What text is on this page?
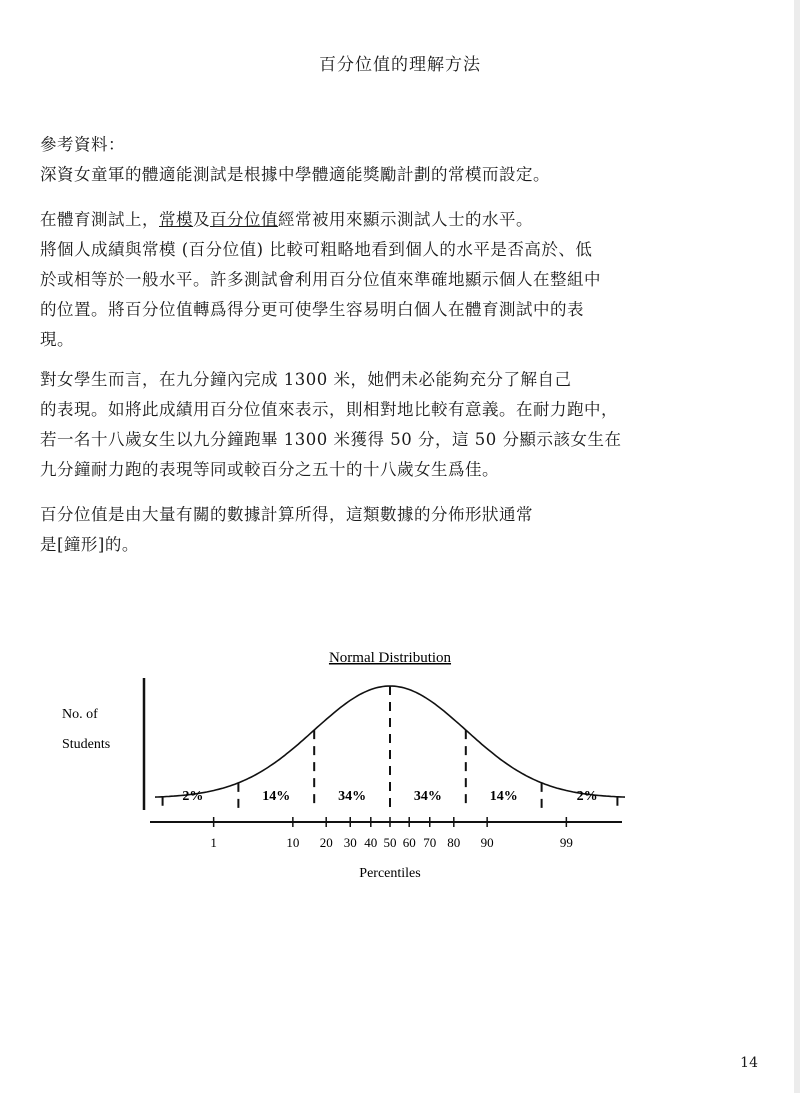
百分位值的理解方法

參考資料：

深資女童軍的體適能測試是根據中學體適能獎勵計劃的常模而設定。

在體育測試上，常模及百分位值經常被用來顯示測試人士的水平。

將個人成績與常模 (百分位值) 比較可粗略地看到個人的水平是否高於、低

於或相等於一般水平。許多測試會利用百分位值來準確地顯示個人在整組中

的位置。將百分位值轉爲得分更可使學生容易明白個人在體育測試中的表

現。

對女學生而言，在九分鐘內完成 1300 米，她們未必能夠充分了解自己

的表現。如將此成績用百分位值來表示，則相對地比較有意義。在耐力跑中，

若一名十八歲女生以九分鐘跑畢 1300 米獲得 50 分，這 50 分顯示該女生在

九分鐘耐力跑的表現等同或較百分之五十的十八歲女生爲佳。

百分位值是由大量有關的數據計算所得，這類數據的分佈形狀通常

是[鐘形]的。

Normal Distribution
No. of
Students
2%	14%	34%	34%	14%	2%
1	10 20 30 40 50 60 70 80 90	99
Percentiles
14
